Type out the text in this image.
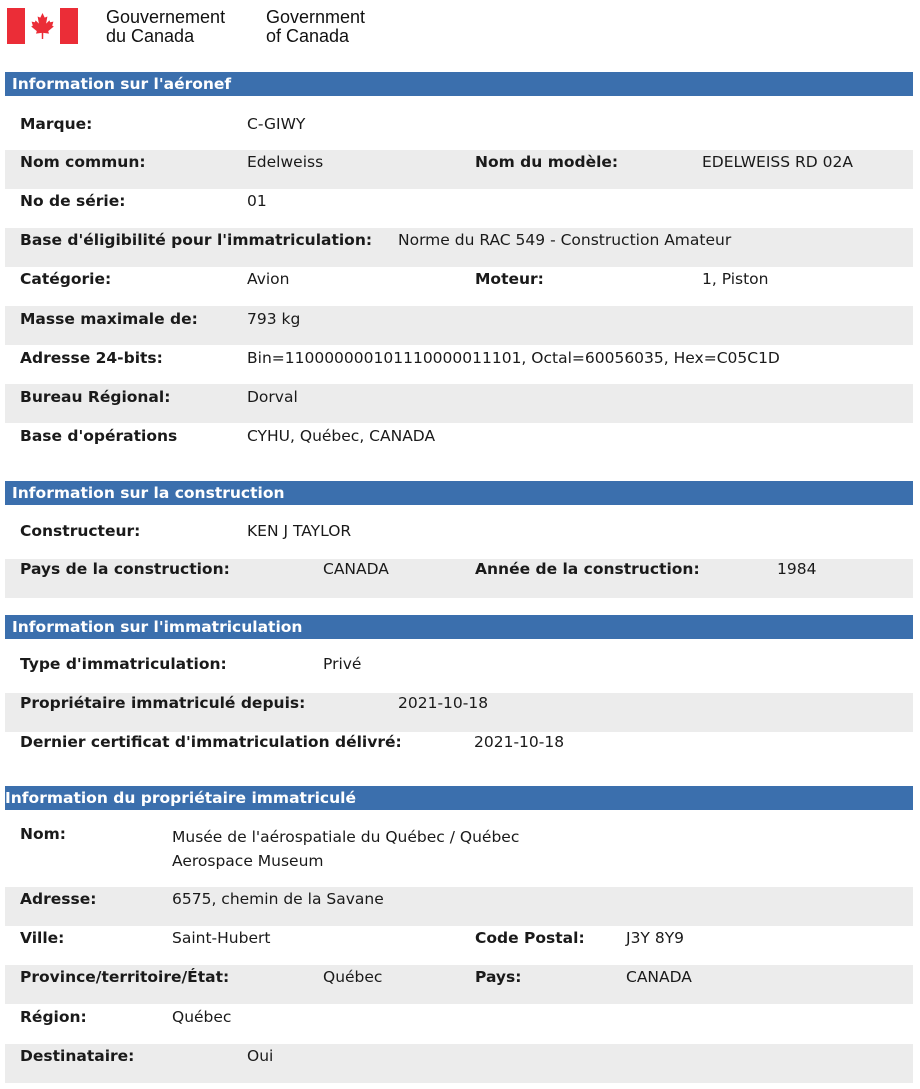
Gouvernement
du Canada
Government
of Canada
Information sur l'aéronef
Marque:	C-GIWY
Nom commun:	Edelweiss	Nom du modèle:	EDELWEISS RD 02A
No de série:	01
Base d'éligibilité pour l'immatriculation: Norme du RAC 549 - Construction Amateur
Catégorie:	Avion	Moteur:	1, Piston
Masse maximale de:	793 kg
Adresse 24-bits:	Bin=110000000101110000011101, Octal=60056035, Hex=C05C1D
Bureau Régional:	Dorval
Base d'opérations	CYHU, Québec, CANADA
Information sur la construction
Constructeur:	KEN J TAYLOR
Pays de la construction:	CANADA	Année de la construction:	1984
Information sur l'immatriculation
Type d'immatriculation:	Privé
Propriétaire immatriculé depuis:	2021-10-18
Dernier certificat d'immatriculation délivré:	2021-10-18
Information du propriétaire immatriculé
Nom:	Musée de l'aérospatiale du Québec / Québec Aerospace Museum
Adresse:	6575, chemin de la Savane
Ville:	Saint-Hubert	Code Postal:	J3Y 8Y9
Province/territoire/État:	Québec	Pays:	CANADA
Région:	Québec
Destinataire:	Oui
